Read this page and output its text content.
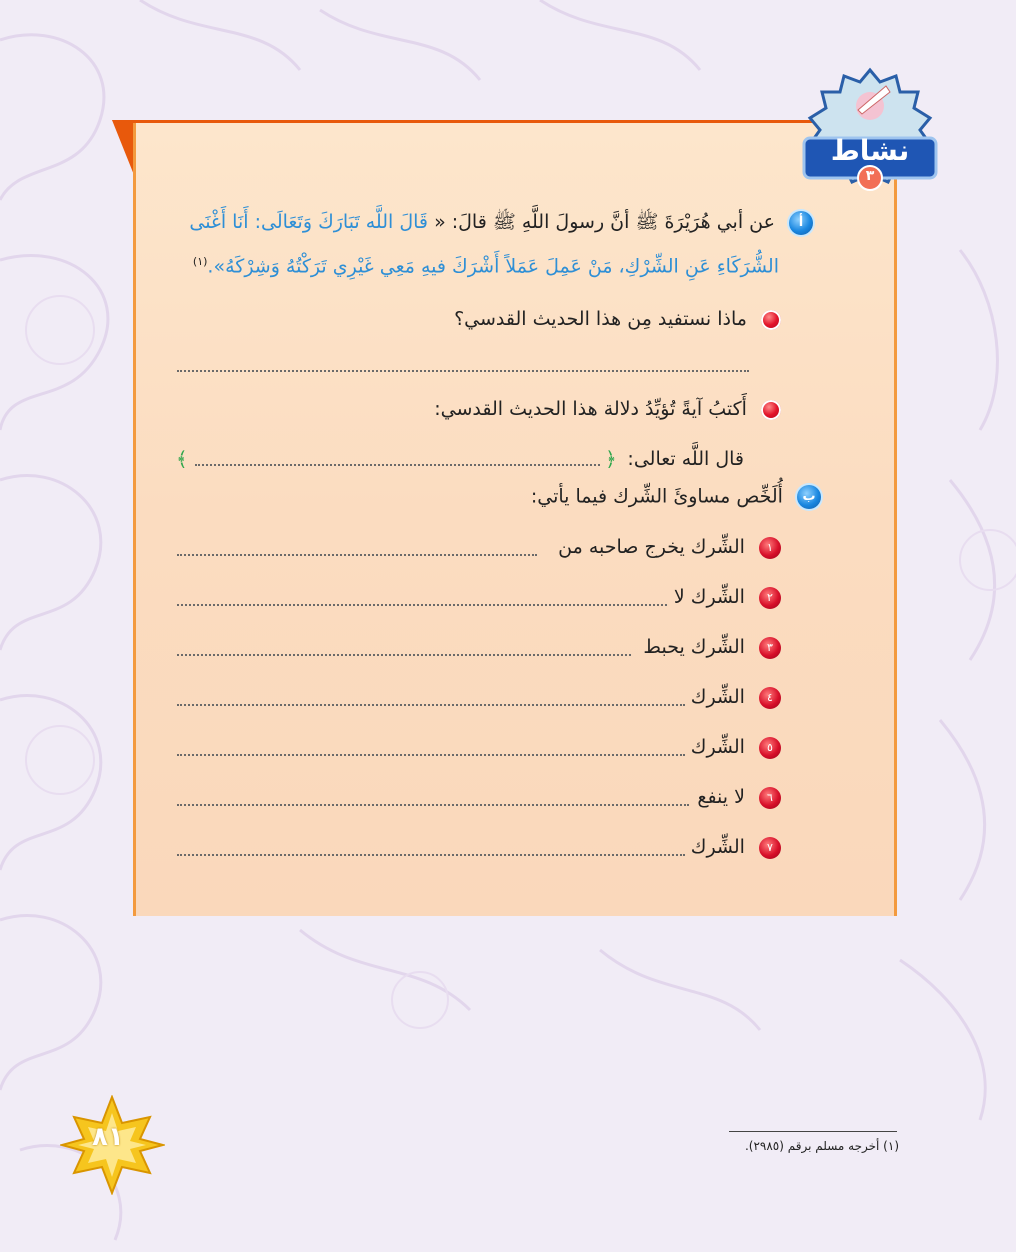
نشاط
٣
أ عن أبي هُرَيْرَةَ ﷺ أنَّ رسولَ اللَّهِ ﷺ قالَ: « قَالَ اللَّه تَبَارَكَ وَتَعَالَى: أَنَا أَغْنَى
الشُّرَكَاءِ عَنِ الشِّرْكِ، مَنْ عَمِلَ عَمَلاً أَشْرَكَ فيهِ مَعِي غَيْرِي تَرَكْتُهُ وَشِرْكَهُ».$^{(١)}$
ماذا نستفيد مِن هذا الحديث القدسي؟
أَكتبُ آيةً تُؤيِّدُ دلالة هذا الحديث القدسي:
قال اللَّه تعالى:
﴿
﴾
ب أُلَخِّص مساوئَ الشِّرك فيما يأتي:
١ الشِّرك يخرج صاحبه من
٢ الشِّرك لا
٣ الشِّرك يحبط
٤ الشِّرك
٥ الشِّرك
٦ لا ينفع
٧ الشِّرك
(١) أخرجه مسلم برقم (٢٩٨٥).
٨١
